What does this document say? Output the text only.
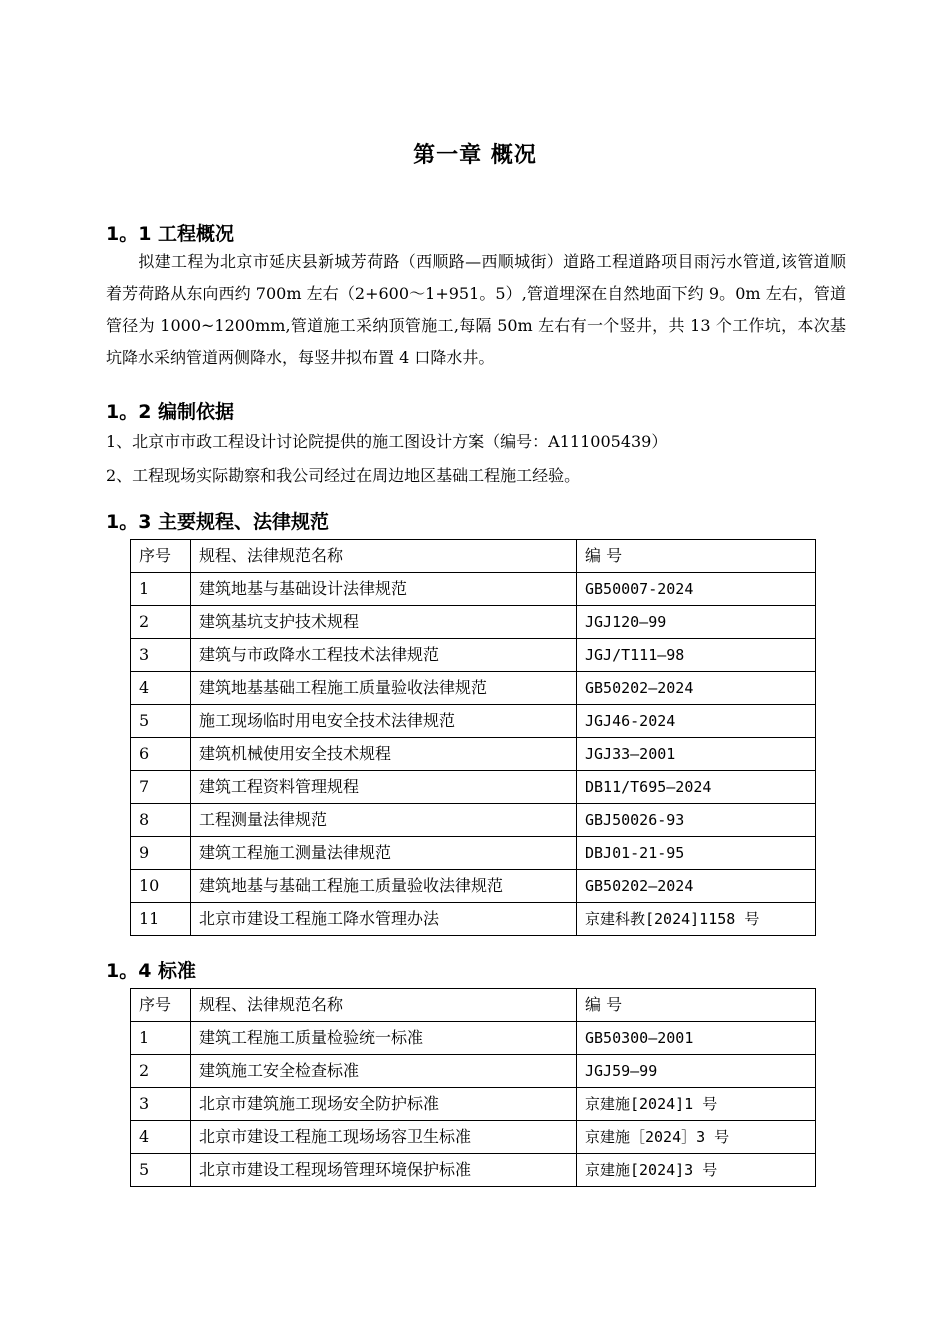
第一章 概况
1。1 工程概况
拟建工程为北京市延庆县新城芳荷路（西顺路—西顺城街）道路工程道路项目雨污水管道,该管道顺着芳荷路从东向西约 700m 左右（2+600～1+951。5）,管道埋深在自然地面下约 9。0m 左右，管道管径为 1000~1200mm,管道施工采纳顶管施工,每隔 50m 左右有一个竖井，共 13 个工作坑，本次基坑降水采纳管道两侧降水，每竖井拟布置 4 口降水井。
1。2 编制依据
1、北京市市政工程设计讨论院提供的施工图设计方案（编号：A111005439）
2、工程现场实际勘察和我公司经过在周边地区基础工程施工经验。
1。3 主要规程、法律规范
序号	规程、法律规范名称	编 号
1	建筑地基与基础设计法律规范	GB50007-2024
2	建筑基坑支护技术规程	JGJ120—99
3	建筑与市政降水工程技术法律规范	JGJ/T111—98
4	建筑地基基础工程施工质量验收法律规范	GB50202—2024
5	施工现场临时用电安全技术法律规范	JGJ46-2024
6	建筑机械使用安全技术规程	JGJ33—2001
7	建筑工程资料管理规程	DB11/T695—2024
8	工程测量法律规范	GBJ50026-93
9	建筑工程施工测量法律规范	DBJ01-21-95
10	建筑地基与基础工程施工质量验收法律规范	GB50202—2024
11	北京市建设工程施工降水管理办法	京建科教[2024]1158 号
1。4 标准
序号	规程、法律规范名称	编 号
1	建筑工程施工质量检验统一标准	GB50300—2001
2	建筑施工安全检查标准	JGJ59—99
3	北京市建筑施工现场安全防护标准	京建施[2024]1 号
4	北京市建设工程施工现场场容卫生标准	京建施［2024］3 号
5	北京市建设工程现场管理环境保护标准	京建施[2024]3 号
